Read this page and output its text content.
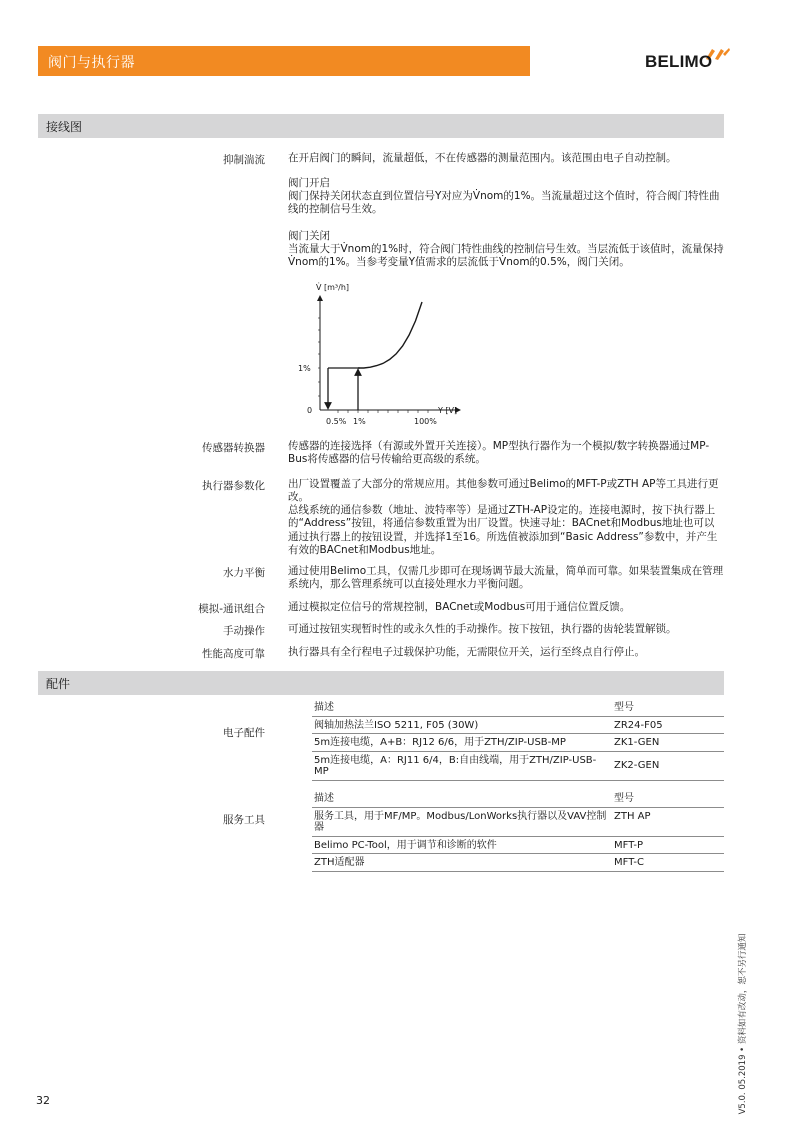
阀门与执行器	BELIMO
接线图
抑制湍流 在开启阀门的瞬间，流量超低，不在传感器的测量范围内。该范围由电子自动控制。
阀门开启
阀门保持关闭状态直到位置信号Y对应为V̇nom的1%。当流量超过这个值时，符合阀门特性曲线的控制信号生效。
阀门关闭
当流量大于V̇nom的1%时，符合阀门特性曲线的控制信号生效。当层流低于该值时，流量保持V̇nom的1%。当参考变量Y值需求的层流低于V̇nom的0.5%，阀门关闭。
V̇ [m³/h]
Y [V]
0
1%
0.5% 1%	100%
传感器转换器 传感器的连接选择（有源或外置开关连接）。MP型执行器作为一个模拟/数字转换器通过MP-Bus将传感器的信号传输给更高级的系统。
执行器参数化 出厂设置覆盖了大部分的常规应用。其他参数可通过Belimo的MFT-P或ZTH AP等工具进行更改。
总线系统的通信参数（地址、波特率等）是通过ZTH-AP设定的。连接电源时，按下执行器上的“Address”按钮，将通信参数重置为出厂设置。快速寻址：BACnet和Modbus地址也可以通过执行器上的按钮设置，并选择1至16。所选值被添加到“Basic Address”参数中，并产生有效的BACnet和Modbus地址。
水力平衡 通过使用Belimo工具，仅需几步即可在现场调节最大流量，简单而可靠。如果装置集成在管理系统内，那么管理系统可以直接处理水力平衡问题。
模拟-通讯组合 通过模拟定位信号的常规控制，BACnet或Modbus可用于通信位置反馈。
手动操作 可通过按钮实现暂时性的或永久性的手动操作。按下按钮，执行器的齿轮装置解锁。
性能高度可靠 执行器具有全行程电子过载保护功能，无需限位开关，运行至终点自行停止。
配件
电子配件
描述	型号
阀轴加热法兰ISO 5211, F05 (30W)	ZR24-F05
5m连接电缆，A+B：RJ12 6/6，用于ZTH/ZIP-USB-MP	ZK1-GEN
5m连接电缆，A：RJ11 6/4，B:自由线端，用于ZTH/ZIP-USB-MP	ZK2-GEN
服务工具
描述	型号
服务工具，用于MF/MP。Modbus/LonWorks执行器以及VAV控制器	ZTH AP
Belimo PC-Tool，用于调节和诊断的软件	MFT-P
ZTH适配器	MFT-C
32	V5.0. 05.2019 • 资料如有改动，恕不另行通知
